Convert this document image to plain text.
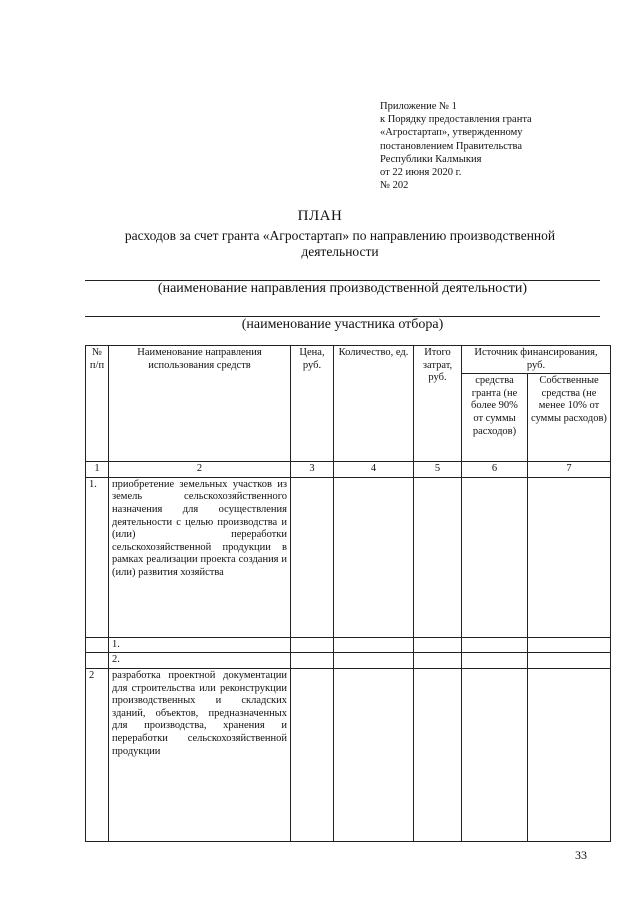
Приложение № 1
к Порядку предоставления гранта
«Агростартап», утвержденному
постановлением Правительства
Республики Калмыкия
от 22 июня 2020 г.
№ 202
ПЛАН
расходов за счет гранта «Агростартап» по направлению производственной деятельности
(наименование направления производственной деятельности)
(наименование участника отбора)
№ п/п	Наименование направления использования средств	Цена, руб.	Количество, ед.	Итого затрат, руб.	Источник финансирования, руб.	
					средства гранта (не более 90% от суммы расходов)	Собственные средства (не менее 10% от суммы расходов)
1	2	3	4	5	6	7
1.	приобретение земельных участков из земель сельскохозяйственного назначения для осуществления деятельности с целью производства и (или) переработки сельскохозяйственной продукции в рамках реализации проекта создания и (или) развития хозяйства					
	1.					
	2.					
2	разработка проектной документации для строительства или реконструкции производственных и складских зданий, объектов, предназначенных для производства, хранения и переработки сельскохозяйственной продукции					
33
